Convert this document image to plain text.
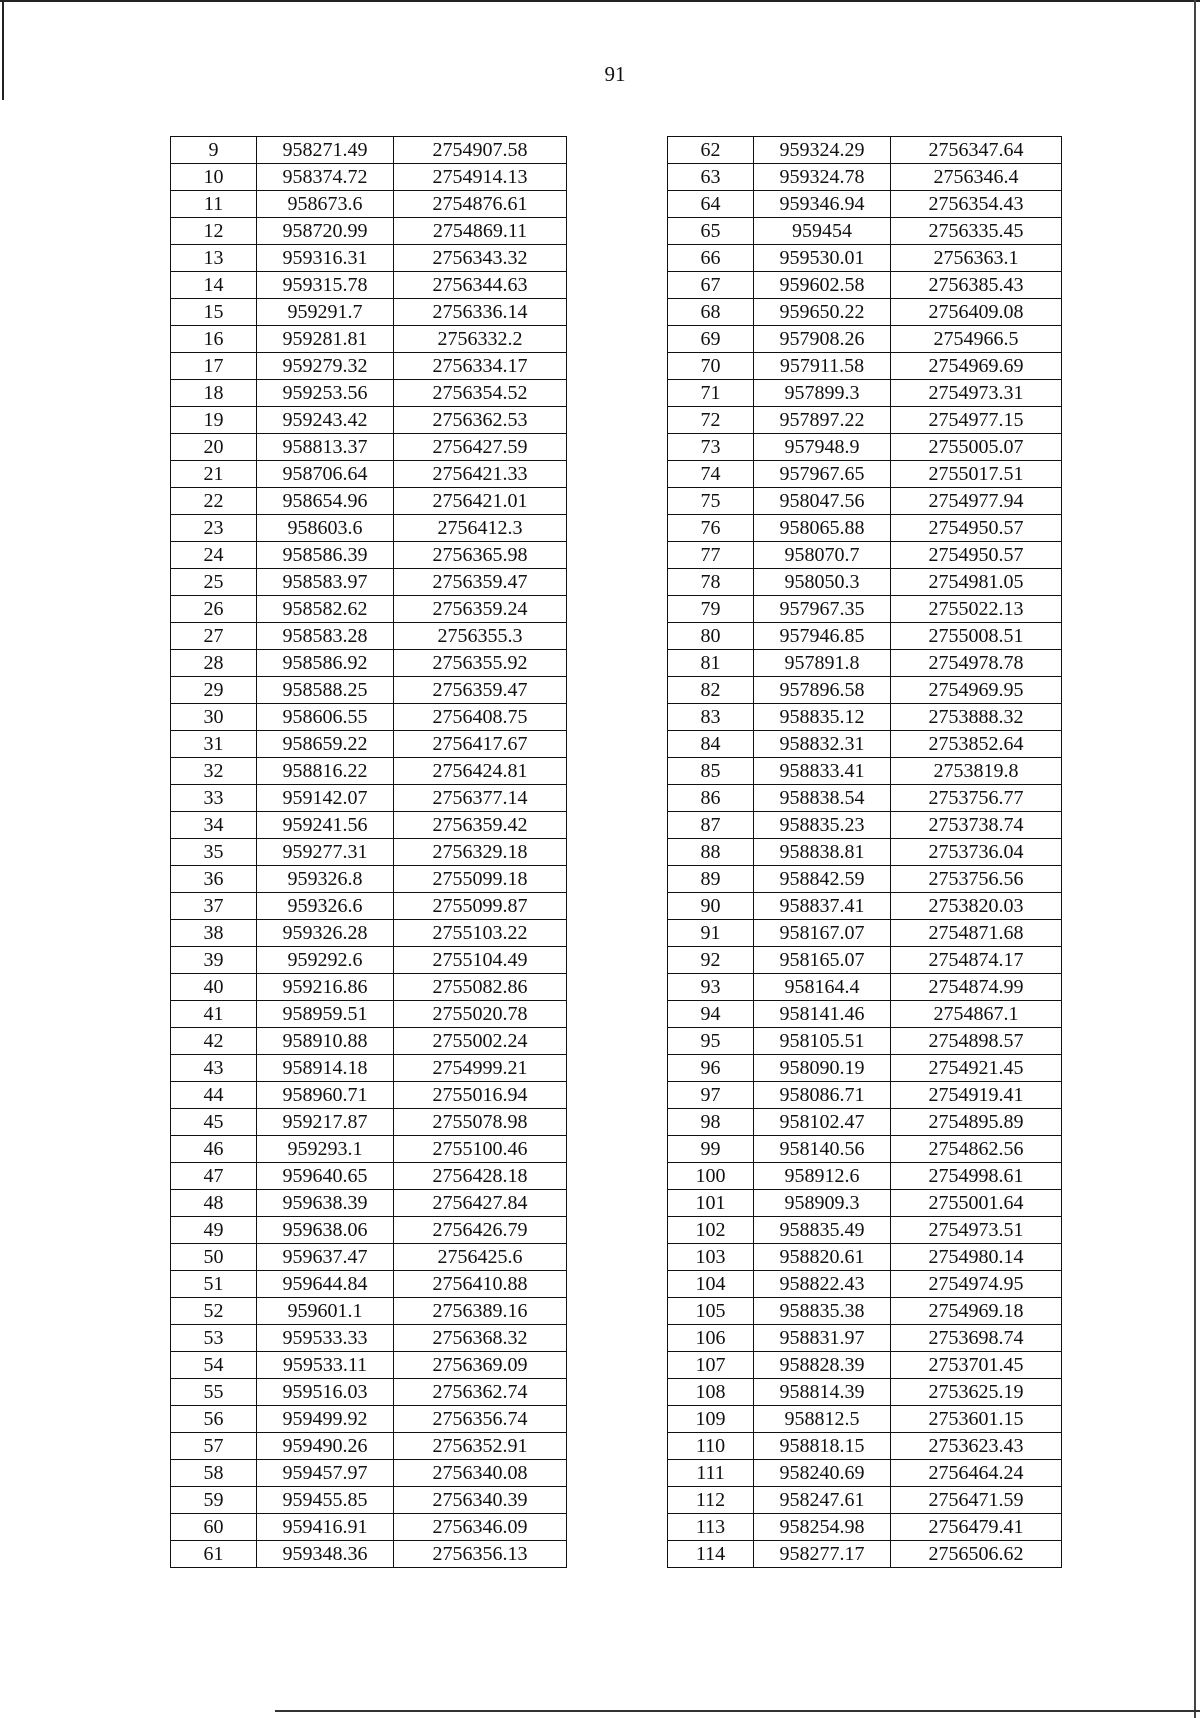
91
9	958271.49	2754907.58
10	958374.72	2754914.13
11	958673.6	2754876.61
12	958720.99	2754869.11
13	959316.31	2756343.32
14	959315.78	2756344.63
15	959291.7	2756336.14
16	959281.81	2756332.2
17	959279.32	2756334.17
18	959253.56	2756354.52
19	959243.42	2756362.53
20	958813.37	2756427.59
21	958706.64	2756421.33
22	958654.96	2756421.01
23	958603.6	2756412.3
24	958586.39	2756365.98
25	958583.97	2756359.47
26	958582.62	2756359.24
27	958583.28	2756355.3
28	958586.92	2756355.92
29	958588.25	2756359.47
30	958606.55	2756408.75
31	958659.22	2756417.67
32	958816.22	2756424.81
33	959142.07	2756377.14
34	959241.56	2756359.42
35	959277.31	2756329.18
36	959326.8	2755099.18
37	959326.6	2755099.87
38	959326.28	2755103.22
39	959292.6	2755104.49
40	959216.86	2755082.86
41	958959.51	2755020.78
42	958910.88	2755002.24
43	958914.18	2754999.21
44	958960.71	2755016.94
45	959217.87	2755078.98
46	959293.1	2755100.46
47	959640.65	2756428.18
48	959638.39	2756427.84
49	959638.06	2756426.79
50	959637.47	2756425.6
51	959644.84	2756410.88
52	959601.1	2756389.16
53	959533.33	2756368.32
54	959533.11	2756369.09
55	959516.03	2756362.74
56	959499.92	2756356.74
57	959490.26	2756352.91
58	959457.97	2756340.08
59	959455.85	2756340.39
60	959416.91	2756346.09
61	959348.36	2756356.13
62	959324.29	2756347.64
63	959324.78	2756346.4
64	959346.94	2756354.43
65	959454	2756335.45
66	959530.01	2756363.1
67	959602.58	2756385.43
68	959650.22	2756409.08
69	957908.26	2754966.5
70	957911.58	2754969.69
71	957899.3	2754973.31
72	957897.22	2754977.15
73	957948.9	2755005.07
74	957967.65	2755017.51
75	958047.56	2754977.94
76	958065.88	2754950.57
77	958070.7	2754950.57
78	958050.3	2754981.05
79	957967.35	2755022.13
80	957946.85	2755008.51
81	957891.8	2754978.78
82	957896.58	2754969.95
83	958835.12	2753888.32
84	958832.31	2753852.64
85	958833.41	2753819.8
86	958838.54	2753756.77
87	958835.23	2753738.74
88	958838.81	2753736.04
89	958842.59	2753756.56
90	958837.41	2753820.03
91	958167.07	2754871.68
92	958165.07	2754874.17
93	958164.4	2754874.99
94	958141.46	2754867.1
95	958105.51	2754898.57
96	958090.19	2754921.45
97	958086.71	2754919.41
98	958102.47	2754895.89
99	958140.56	2754862.56
100	958912.6	2754998.61
101	958909.3	2755001.64
102	958835.49	2754973.51
103	958820.61	2754980.14
104	958822.43	2754974.95
105	958835.38	2754969.18
106	958831.97	2753698.74
107	958828.39	2753701.45
108	958814.39	2753625.19
109	958812.5	2753601.15
110	958818.15	2753623.43
111	958240.69	2756464.24
112	958247.61	2756471.59
113	958254.98	2756479.41
114	958277.17	2756506.62
